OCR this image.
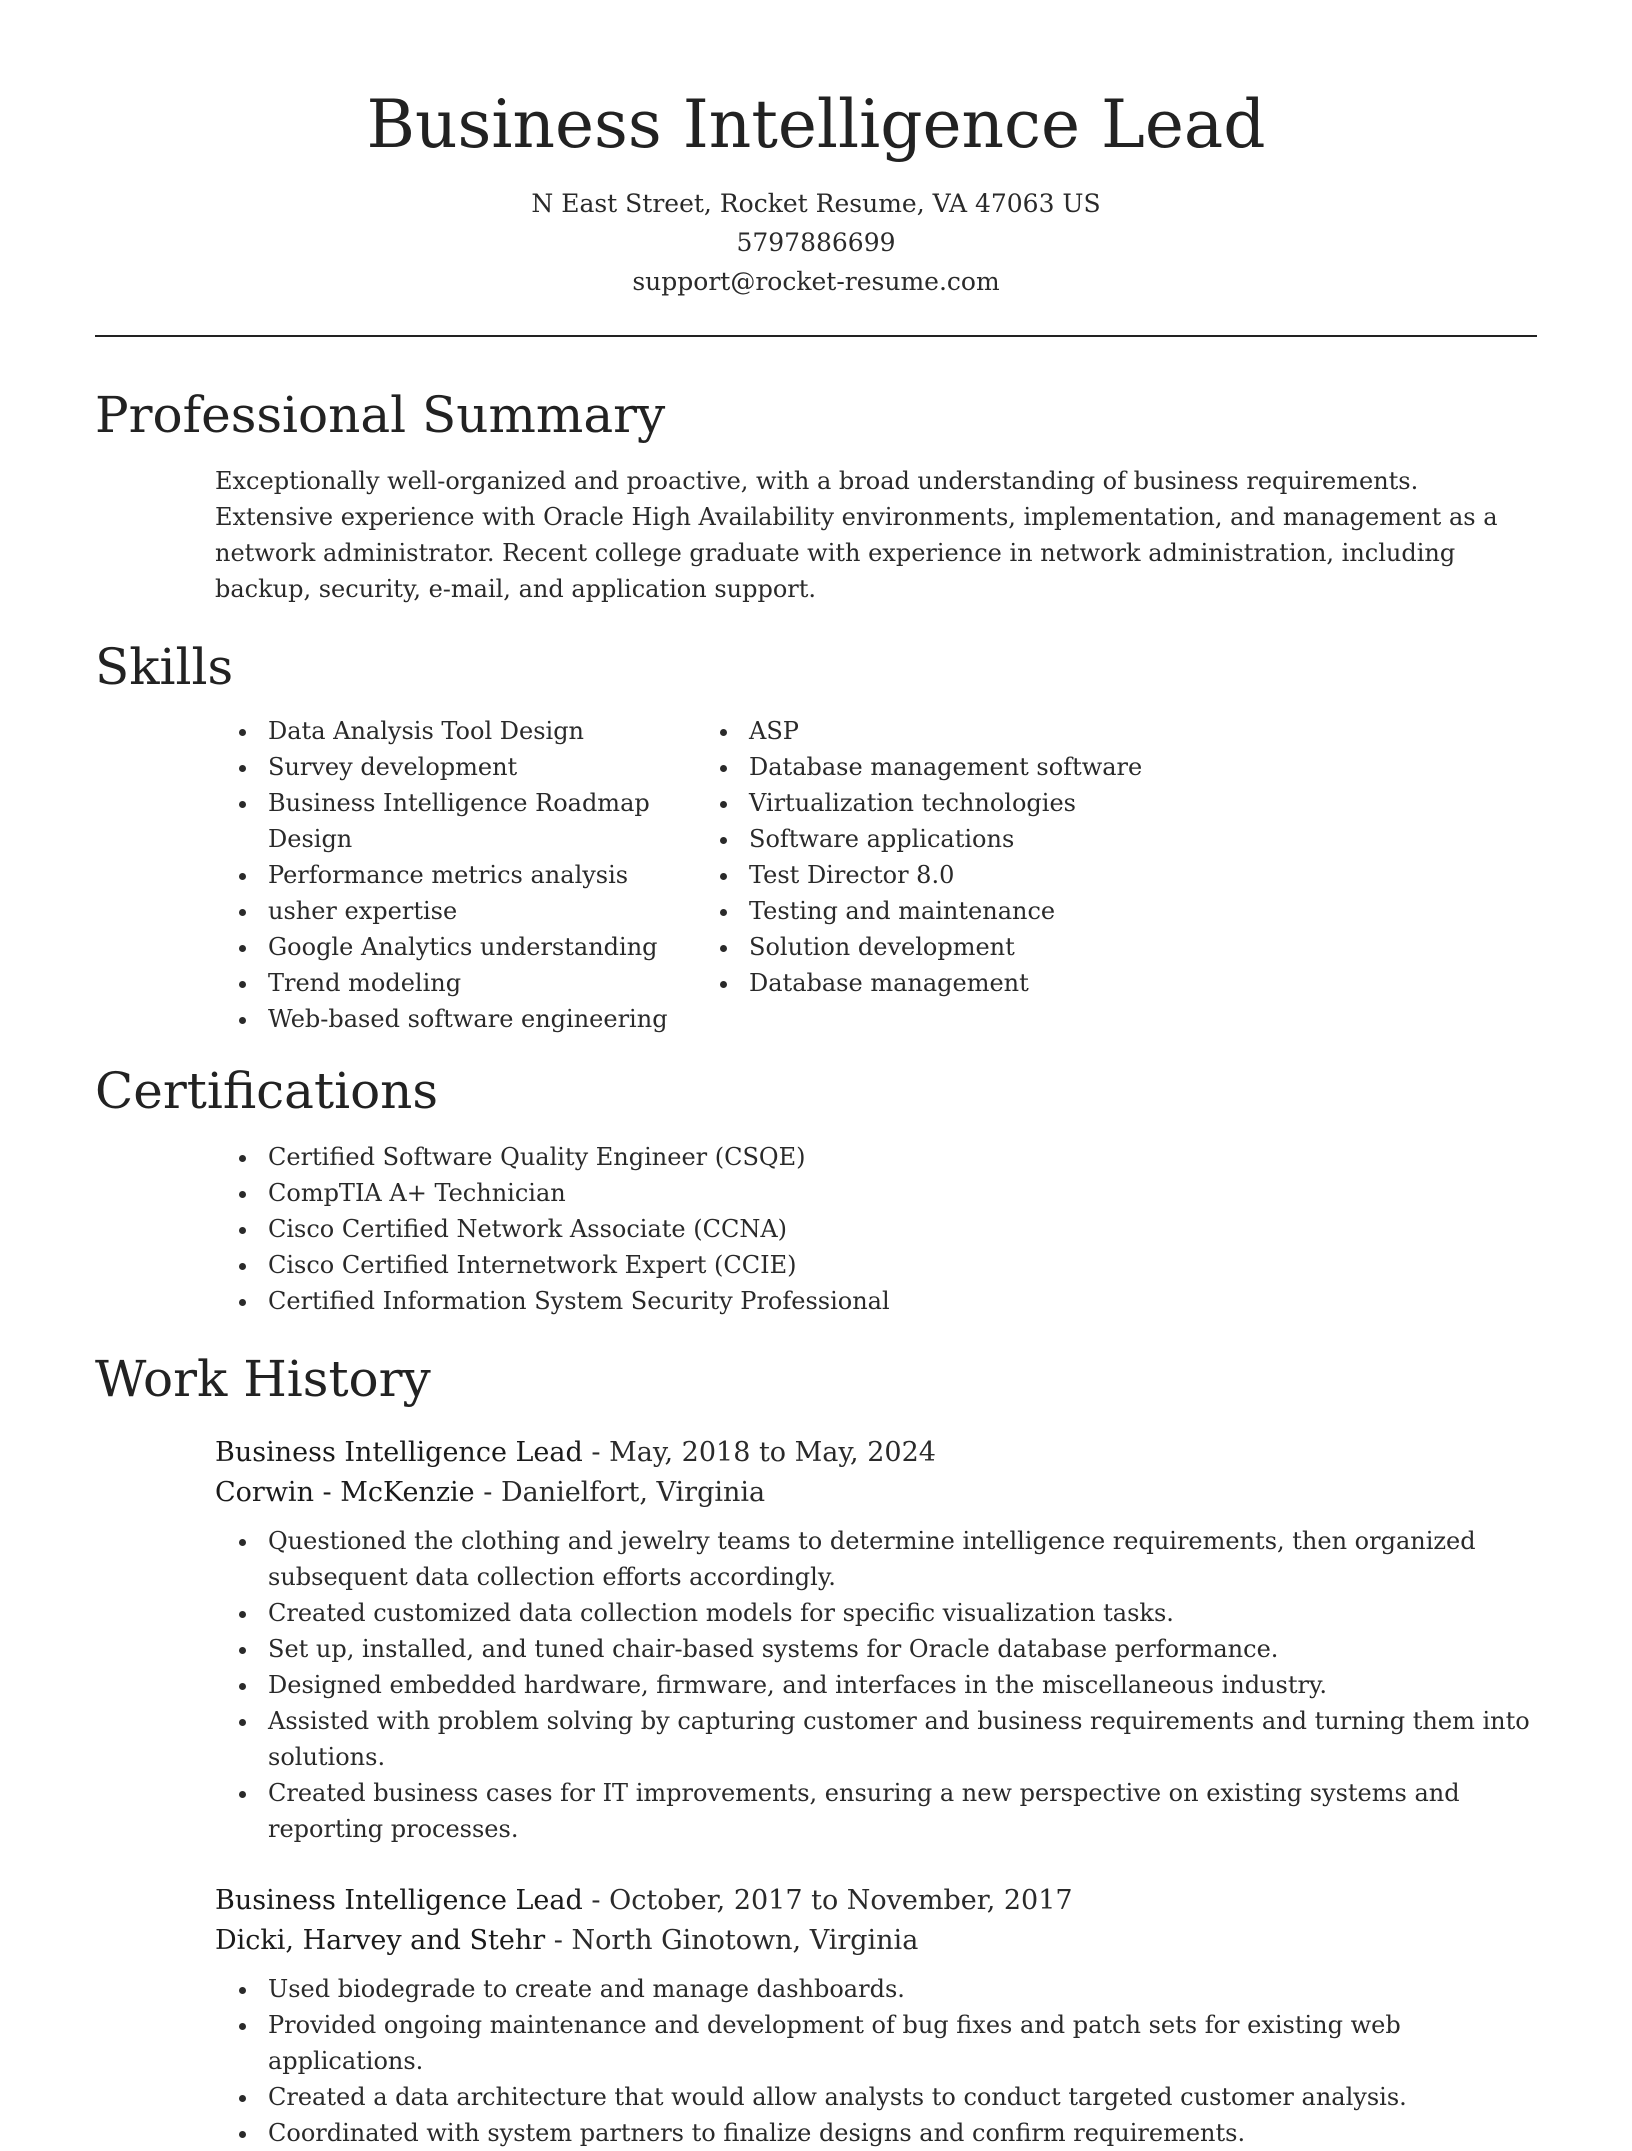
Business Intelligence Lead
N East Street, Rocket Resume, VA 47063 US
5797886699
support@rocket-resume.com
Professional Summary

Exceptionally well-organized and proactive, with a broad understanding of business requirements. Extensive experience with Oracle High Availability environments, implementation, and management as a network administrator. Recent college graduate with experience in network administration, including backup, security, e-mail, and application support.

Skills
• Data Analysis Tool Design
• Survey development
• Business Intelligence Roadmap Design
• Performance metrics analysis
• usher expertise
• Google Analytics understanding
• Trend modeling
• Web-based software engineering
• ASP
• Database management software
• Virtualization technologies
• Software applications
• Test Director 8.0
• Testing and maintenance
• Solution development
• Database management
Certifications
• Certified Software Quality Engineer (CSQE)
• CompTIA A+ Technician
• Cisco Certified Network Associate (CCNA)
• Cisco Certified Internetwork Expert (CCIE)
• Certified Information System Security Professional
Work History
Business Intelligence Lead - May, 2018 to May, 2024
Corwin - McKenzie - Danielfort, Virginia
• Questioned the clothing and jewelry teams to determine intelligence requirements, then organized subsequent data collection efforts accordingly.
• Created customized data collection models for specific visualization tasks.
• Set up, installed, and tuned chair-based systems for Oracle database performance.
• Designed embedded hardware, firmware, and interfaces in the miscellaneous industry.
• Assisted with problem solving by capturing customer and business requirements and turning them into solutions.
• Created business cases for IT improvements, ensuring a new perspective on existing systems and reporting processes.
Business Intelligence Lead - October, 2017 to November, 2017
Dicki, Harvey and Stehr - North Ginotown, Virginia
• Used biodegrade to create and manage dashboards.
• Provided ongoing maintenance and development of bug fixes and patch sets for existing web applications.
• Created a data architecture that would allow analysts to conduct targeted customer analysis.
• Coordinated with system partners to finalize designs and confirm requirements.
